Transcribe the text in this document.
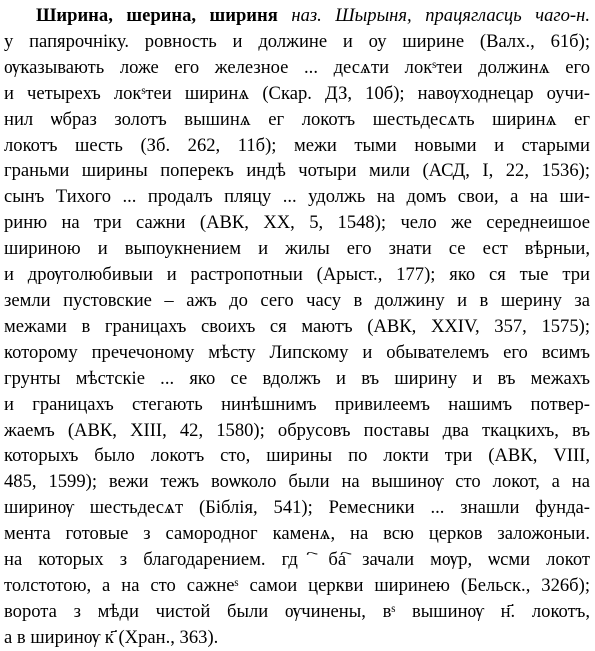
Ширина, шерина, шириня наз. Шырыня, працягласць чаго-н.
у папярочніку. ровность и должине и оу ширине (Валх., 61б);
ѹказывають ложе его железное ... десѧти локˢтеи должинѧ его
и четырехъ локˢтеи ширинѧ (Скар. ДЗ, 10б); навѹходнецар оучи-
нил ѡбраз золотъ вышинѧ ег локотъ шестьдесѧть ширинѧ ег
локотъ шесть (Зб. 262, 11б); межи тыми новыми и старыми
граньми ширины поперекъ индѣ чотыри мили (АСД, I, 22, 1536);
сынъ Тихого ... продалъ пляцу ... удолжь на домъ свои, а на ши-
риню на три сажни (АВК, ХХ, 5, 1548); чело же середнеишое
шириною и выпоукнением и жилы его знати се ест вѣрныи,
и дрѹголюбивыи и растропотныи (Арыст., 177); яко ся тые три
земли пустовские – ажъ до сего часу в должину и в шерину за
межами в границахъ своихъ ся маютъ (АВК, XXIV, 357, 1575);
которому пречечоному мѣсту Липскому и обывателемъ его всимъ
грунты мѣстскіе ... яко се вдолжъ и въ ширину и въ межахъ
и границахъ стегають нинѣшнимъ привилеемъ нашимъ потвер-
жаемъ (АВК, XIII, 42, 1580); обрусовъ поставы два ткацкихъ, въ
которыхъ было локотъ сто, ширины по локти три (АВК, VIII,
485, 1599); вежи тежъ воѡколо были на вышинѹ сто локот, а на
ширинѹ шестьдесѧт (Біблія, 541); Ремесники ... знашли фунда-
мента готовые з самородног каменѧ, на всю церков заложоныи.
на которых з благодарением. гдⷭ҇ ба҇ зачали мѹр, ѡсми локот
толстотою, а на сто сажнеˢ самои церкви ширинею (Бельск., 326б);
ворота з мѣди чистой были ѹчинены, вˢ вышинѹ н҃. локотъ,
а в ширинѹ к҃ (Хран., 363).
